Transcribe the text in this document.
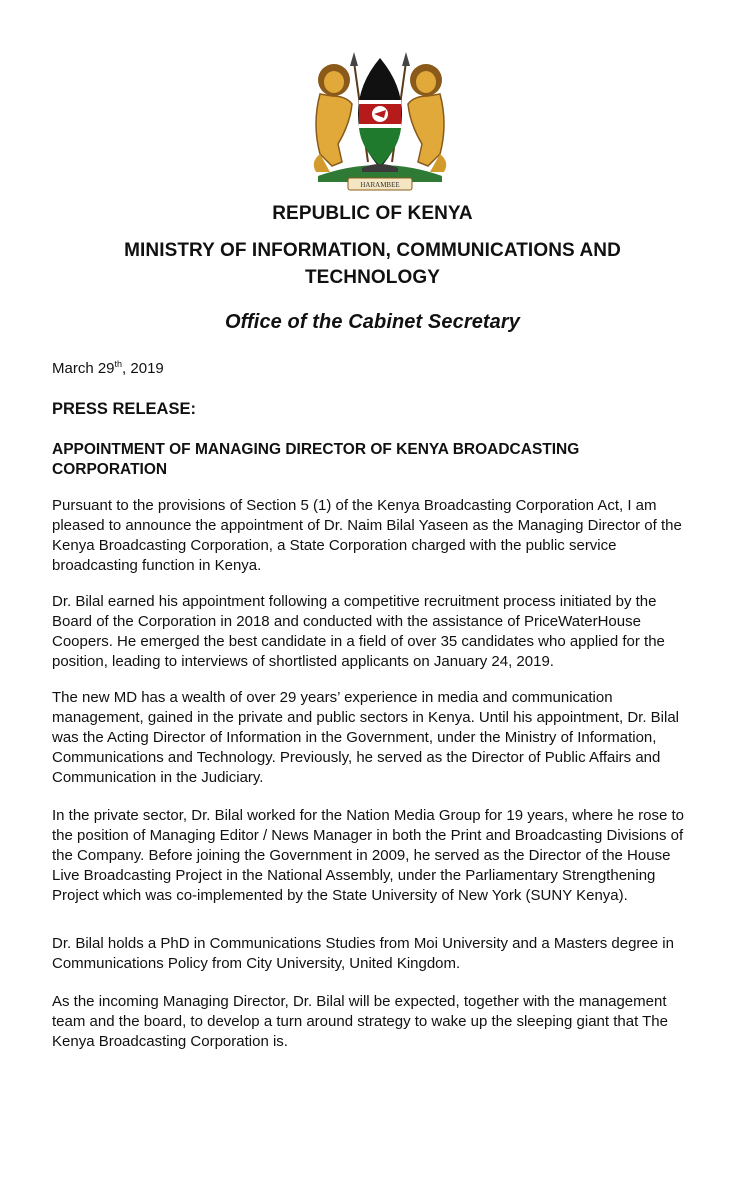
HARAMBEE
REPUBLIC OF KENYA
MINISTRY OF INFORMATION, COMMUNICATIONS AND
TECHNOLOGY
Office of the Cabinet Secretary
March 29th, 2019
PRESS RELEASE:
APPOINTMENT OF MANAGING DIRECTOR OF KENYA BROADCASTING CORPORATION

Pursuant to the provisions of Section 5 (1) of the Kenya Broadcasting Corporation Act, I am pleased to announce the appointment of Dr. Naim Bilal Yaseen as the Managing Director of the Kenya Broadcasting Corporation, a State Corporation charged with the public service broadcasting function in Kenya.

Dr. Bilal earned his appointment following a competitive recruitment process initiated by the Board of the Corporation in 2018 and conducted with the assistance of PriceWaterHouse Coopers. He emerged the best candidate in a field of over 35 candidates who applied for the position, leading to interviews of shortlisted applicants on January 24, 2019.

The new MD has a wealth of over 29 years’ experience in media and communication management, gained in the private and public sectors in Kenya. Until his appointment, Dr. Bilal was the Acting Director of Information in the Government, under the Ministry of Information, Communications and Technology. Previously, he served as the Director of Public Affairs and Communication in the Judiciary.

In the private sector, Dr. Bilal worked for the Nation Media Group for 19 years, where he rose to the position of Managing Editor / News Manager in both the Print and Broadcasting Divisions of the Company. Before joining the Government in 2009, he served as the Director of the House Live Broadcasting Project in the National Assembly, under the Parliamentary Strengthening Project which was co-implemented by the State University of New York (SUNY Kenya).

Dr. Bilal holds a PhD in Communications Studies from Moi University and a Masters degree in Communications Policy from City University, United Kingdom.

As the incoming Managing Director, Dr. Bilal will be expected, together with the management team and the board, to develop a turn around strategy to wake up the sleeping giant that The Kenya Broadcasting Corporation is.
